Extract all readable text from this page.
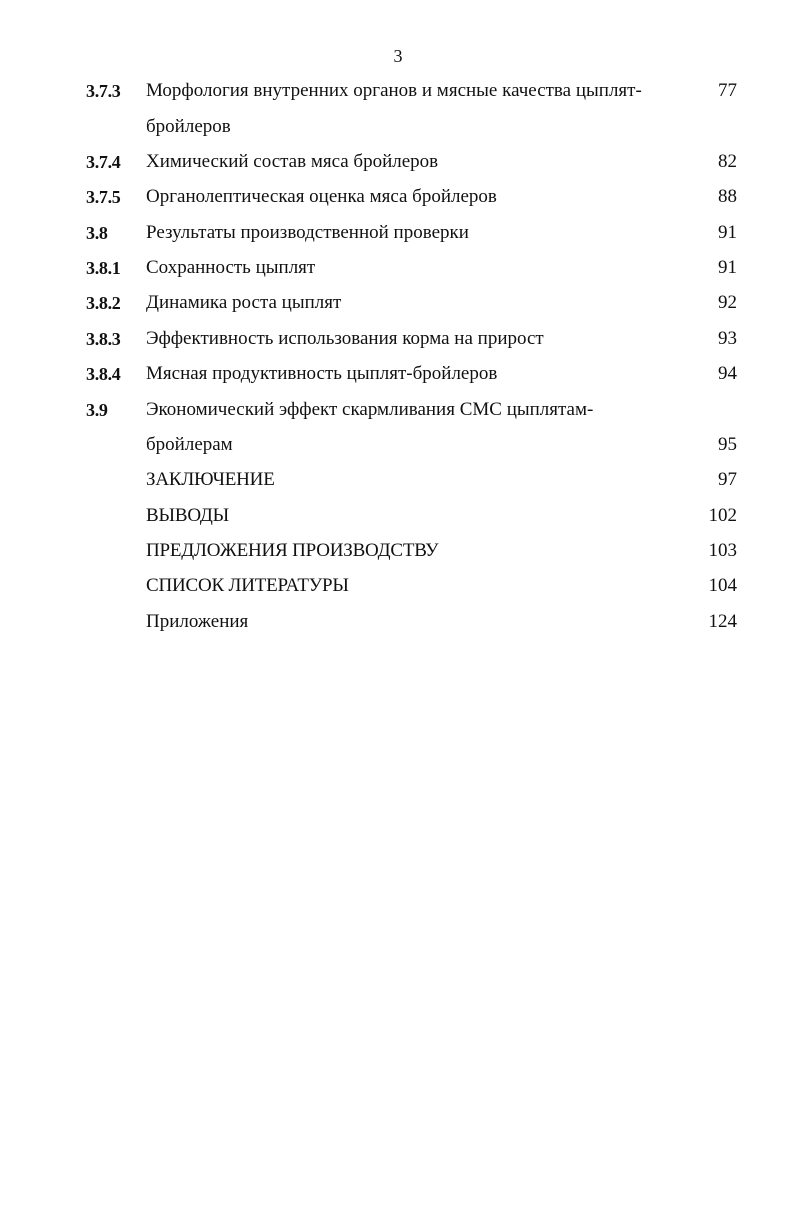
3
3.7.3 Морфология внутренних органов и мясные качества цыплят-	77
бройлеров
3.7.4 Химический состав мяса бройлеров	82
3.7.5 Органолептическая оценка мяса бройлеров	88
3.8 Результаты производственной проверки	91
3.8.1 Сохранность цыплят	91
3.8.2 Динамика роста цыплят	92
3.8.3 Эффективность использования корма на прирост	93
3.8.4 Мясная продуктивность цыплят-бройлеров	94
3.9 Экономический эффект скармливания СМС цыплятам-
бройлерам	95
ЗАКЛЮЧЕНИЕ	97
ВЫВОДЫ	102
ПРЕДЛОЖЕНИЯ ПРОИЗВОДСТВУ	103
СПИСОК ЛИТЕРАТУРЫ	104
Приложения	124
